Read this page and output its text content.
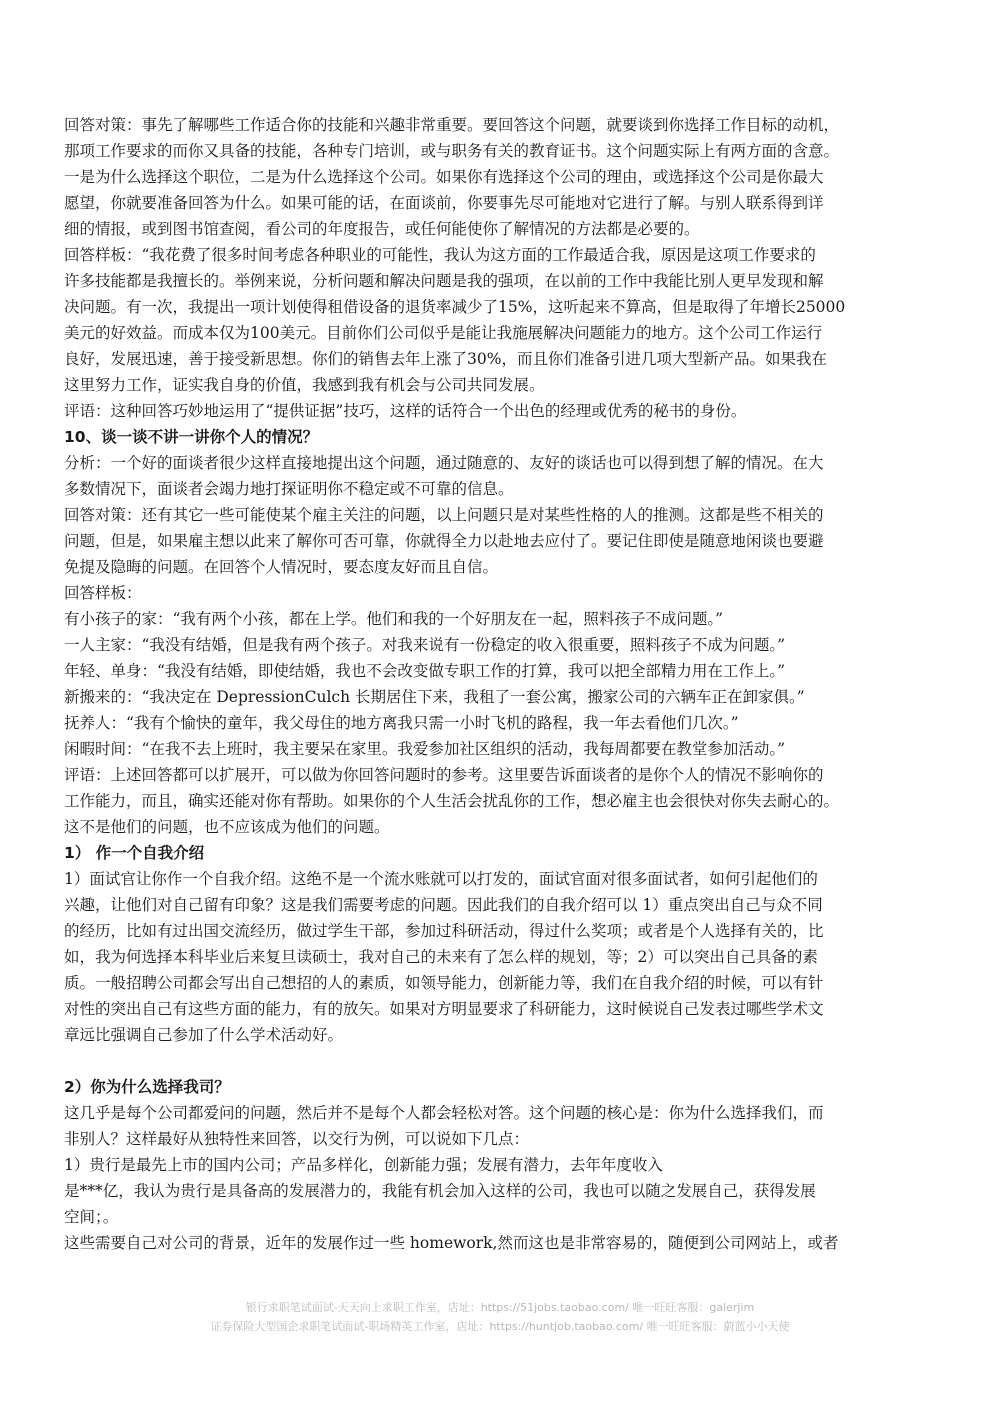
回答对策：事先了解哪些工作适合你的技能和兴趣非常重要。要回答这个问题，就要谈到你选择工作目标的动机，
那项工作要求的而你又具备的技能，各种专门培训，或与职务有关的教育证书。这个问题实际上有两方面的含意。
一是为什么选择这个职位，二是为什么选择这个公司。如果你有选择这个公司的理由，或选择这个公司是你最大
愿望，你就要准备回答为什么。如果可能的话，在面谈前，你要事先尽可能地对它进行了解。与别人联系得到详
细的情报，或到图书馆查阅，看公司的年度报告，或任何能使你了解情况的方法都是必要的。
回答样板：“我花费了很多时间考虑各种职业的可能性，我认为这方面的工作最适合我，原因是这项工作要求的
许多技能都是我擅长的。举例来说，分析问题和解决问题是我的强项，在以前的工作中我能比别人更早发现和解
决问题。有一次，我提出一项计划使得租借设备的退货率减少了15%，这听起来不算高，但是取得了年增长25000
美元的好效益。而成本仅为100美元。目前你们公司似乎是能让我施展解决问题能力的地方。这个公司工作运行
良好，发展迅速，善于接受新思想。你们的销售去年上涨了30%，而且你们准备引进几项大型新产品。如果我在
这里努力工作，证实我自身的价值，我感到我有机会与公司共同发展。
评语：这种回答巧妙地运用了“提供证据”技巧，这样的话符合一个出色的经理或优秀的秘书的身份。
10、谈一谈不讲一讲你个人的情况？
分析：一个好的面谈者很少这样直接地提出这个问题，通过随意的、友好的谈话也可以得到想了解的情况。在大
多数情况下，面谈者会竭力地打探证明你不稳定或不可靠的信息。
回答对策：还有其它一些可能使某个雇主关注的问题，以上问题只是对某些性格的人的推测。这都是些不相关的
问题，但是，如果雇主想以此来了解你可否可靠，你就得全力以赴地去应付了。要记住即使是随意地闲谈也要避
免提及隐晦的问题。在回答个人情况时，要态度友好而且自信。
回答样板：
有小孩子的家：“我有两个小孩，都在上学。他们和我的一个好朋友在一起，照料孩子不成问题。”
一人主家：“我没有结婚，但是我有两个孩子。对我来说有一份稳定的收入很重要，照料孩子不成为问题。”
年轻、单身：“我没有结婚，即使结婚，我也不会改变做专职工作的打算，我可以把全部精力用在工作上。”
新搬来的：“我决定在 DepressionCulch 长期居住下来，我租了一套公寓，搬家公司的六辆车正在卸家俱。”
抚养人：“我有个愉快的童年，我父母住的地方离我只需一小时飞机的路程，我一年去看他们几次。”
闲暇时间：“在我不去上班时，我主要呆在家里。我爱参加社区组织的活动，我每周都要在教堂参加活动。”
评语：上述回答都可以扩展开，可以做为你回答问题时的参考。这里要告诉面谈者的是你个人的情况不影响你的
工作能力，而且，确实还能对你有帮助。如果你的个人生活会扰乱你的工作，想必雇主也会很快对你失去耐心的。
这不是他们的问题，也不应该成为他们的问题。
1） 作一个自我介绍
1）面试官让你作一个自我介绍。这绝不是一个流水账就可以打发的，面试官面对很多面试者，如何引起他们的
兴趣，让他们对自己留有印象？这是我们需要考虑的问题。因此我们的自我介绍可以 1）重点突出自己与众不同
的经历，比如有过出国交流经历，做过学生干部，参加过科研活动，得过什么奖项；或者是个人选择有关的，比
如，我为何选择本科毕业后来复旦读硕士，我对自己的未来有了怎么样的规划，等；2）可以突出自己具备的素
质。一般招聘公司都会写出自己想招的人的素质，如领导能力，创新能力等，我们在自我介绍的时候，可以有针
对性的突出自己有这些方面的能力，有的放矢。如果对方明显要求了科研能力，这时候说自己发表过哪些学术文
章远比强调自己参加了什么学术活动好。
2）你为什么选择我司？
这几乎是每个公司都爱问的问题，然后并不是每个人都会轻松对答。这个问题的核心是：你为什么选择我们，而
非别人？这样最好从独特性来回答，以交行为例，可以说如下几点：
1）贵行是最先上市的国内公司；产品多样化，创新能力强；发展有潜力，去年年度收入
是***亿，我认为贵行是具备高的发展潜力的，我能有机会加入这样的公司，我也可以随之发展自己，获得发展
空间；。
这些需要自己对公司的背景，近年的发展作过一些 homework,然而这也是非常容易的，随便到公司网站上，或者
银行求职笔试面试-天天向上求职工作室，店址：https://51jobs.taobao.com/ 唯一旺旺客服：galerjim
证券保险大型国企求职笔试面试-职场精英工作室，店址：https://huntjob.taobao.com/ 唯一旺旺客服：蔚蓝小小天使
